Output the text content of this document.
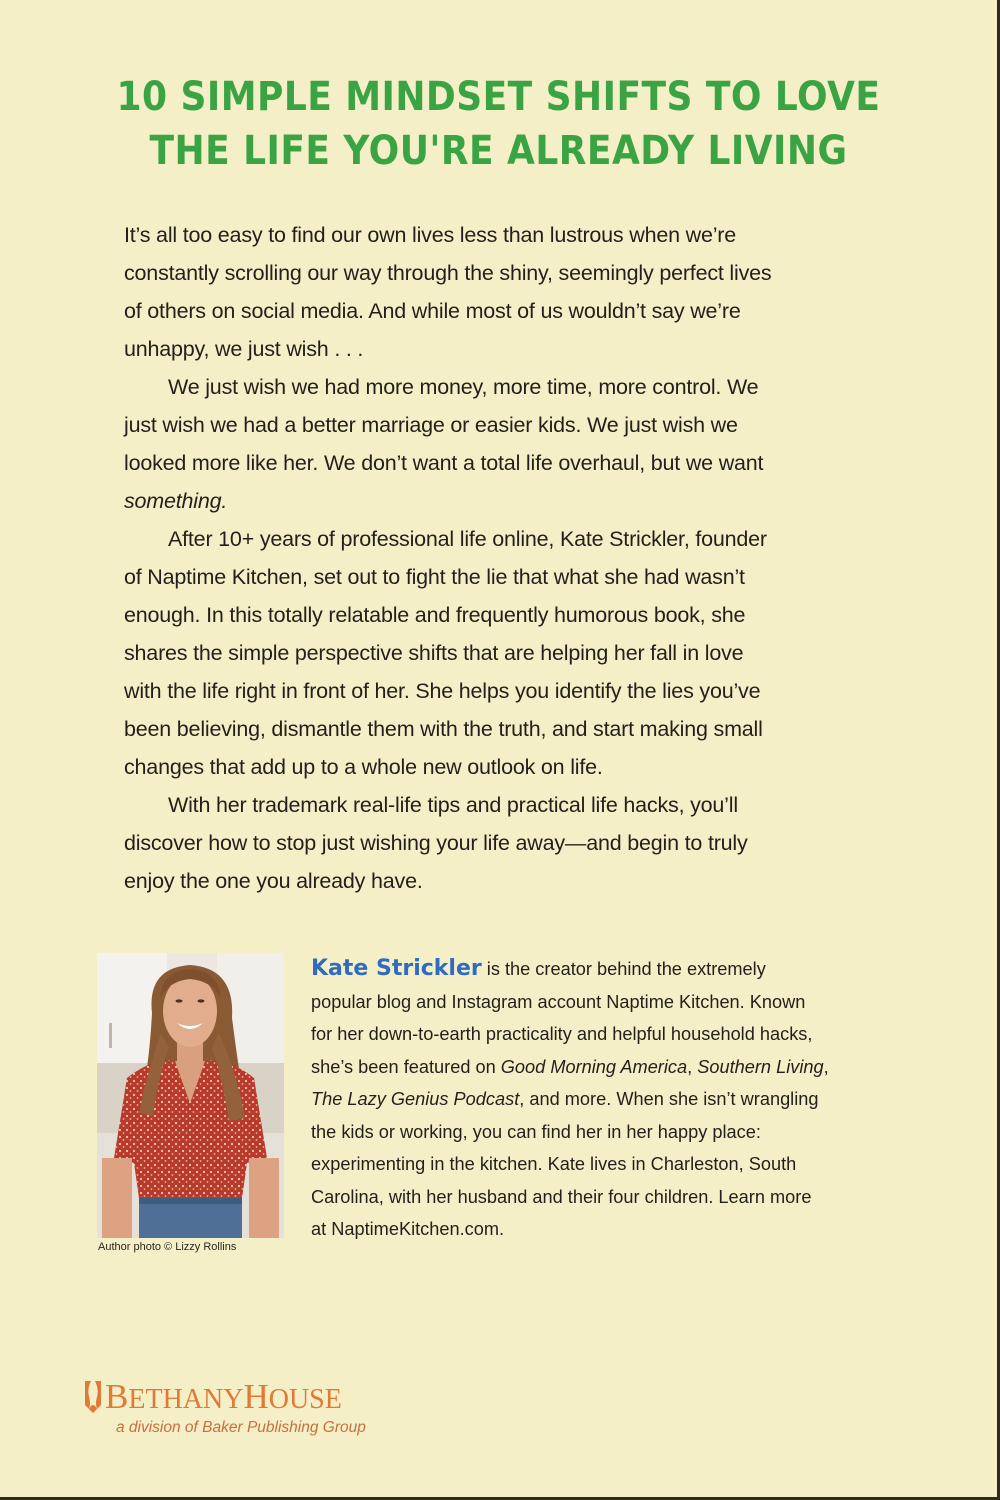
10 SIMPLE MINDSET SHIFTS TO LOVE
THE LIFE YOU'RE ALREADY LIVING

It’s all too easy to find our own lives less than lustrous when we’re
constantly scrolling our way through the shiny, seemingly perfect lives
of others on social media. And while most of us wouldn’t say we’re
unhappy, we just wish . . .

We just wish we had more money, more time, more control. We
just wish we had a better marriage or easier kids. We just wish we
looked more like her. We don’t want a total life overhaul, but we want
something.

After 10+ years of professional life online, Kate Strickler, founder
of Naptime Kitchen, set out to fight the lie that what she had wasn’t
enough. In this totally relatable and frequently humorous book, she
shares the simple perspective shifts that are helping her fall in love
with the life right in front of her. She helps you identify the lies you’ve
been believing, dismantle them with the truth, and start making small
changes that add up to a whole new outlook on life.

With her trademark real-life tips and practical life hacks, you’ll
discover how to stop just wishing your life away—and begin to truly
enjoy the one you already have.

Author photo © Lizzy Rollins
Kate Strickler is the creator behind the extremely
popular blog and Instagram account Naptime Kitchen. Known
for her down-to-earth practicality and helpful household hacks,
she’s been featured on Good Morning America, Southern Living,
The Lazy Genius Podcast, and more. When she isn’t wrangling
the kids or working, you can find her in her happy place:
experimenting in the kitchen. Kate lives in Charleston, South
Carolina, with her husband and their four children. Learn more
at NaptimeKitchen.com.
BETHANYHOUSE
a division of Baker Publishing Group
